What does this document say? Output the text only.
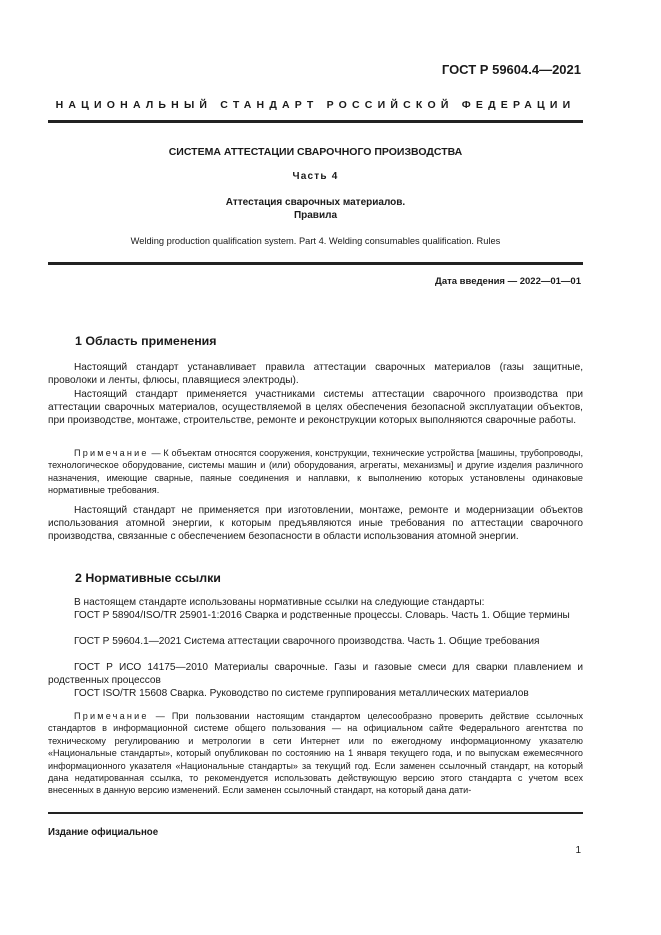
ГОСТ Р 59604.4—2021
НАЦИОНАЛЬНЫЙ СТАНДАРТ РОССИЙСКОЙ ФЕДЕРАЦИИ
СИСТЕМА АТТЕСТАЦИИ СВАРОЧНОГО ПРОИЗВОДСТВА
Часть 4
Аттестация сварочных материалов.
Правила
Welding production qualification system. Part 4. Welding consumables qualification. Rules
Дата введения — 2022—01—01
1 Область применения

Настоящий стандарт устанавливает правила аттестации сварочных материалов (газы защитные, проволоки и ленты, флюсы, плавящиеся электроды).

Настоящий стандарт применяется участниками системы аттестации сварочного производства при аттестации сварочных материалов, осуществляемой в целях обеспечения безопасной эксплуатации объектов, при производстве, монтаже, строительстве, ремонте и реконструкции которых выполняются сварочные работы.

Примечание — К объектам относятся сооружения, конструкции, технические устройства [машины, трубопроводы, технологическое оборудование, системы машин и (или) оборудования, агрегаты, механизмы] и другие изделия различного назначения, имеющие сварные, паяные соединения и наплавки, к выполнению которых установлены одинаковые нормативные требования.

Настоящий стандарт не применяется при изготовлении, монтаже, ремонте и модернизации объектов использования атомной энергии, к которым предъявляются иные требования по аттестации сварочного производства, связанные с обеспечением безопасности в области использования атомной энергии.

2 Нормативные ссылки

В настоящем стандарте использованы нормативные ссылки на следующие стандарты:

ГОСТ Р 58904/ISO/TR 25901-1:2016 Сварка и родственные процессы. Словарь. Часть 1. Общие термины

ГОСТ Р 59604.1—2021 Система аттестации сварочного производства. Часть 1. Общие требования

ГОСТ Р ИСО 14175—2010 Материалы сварочные. Газы и газовые смеси для сварки плавлением и родственных процессов

ГОСТ ISO/TR 15608 Сварка. Руководство по системе группирования металлических материалов

Примечание — При пользовании настоящим стандартом целесообразно проверить действие ссылочных стандартов в информационной системе общего пользования — на официальном сайте Федерального агентства по техническому регулированию и метрологии в сети Интернет или по ежегодному информационному указателю «Национальные стандарты», который опубликован по состоянию на 1 января текущего года, и по выпускам ежемесячного информационного указателя «Национальные стандарты» за текущий год. Если заменен ссылочный стандарт, на который дана недатированная ссылка, то рекомендуется использовать действующую версию этого стандарта с учетом всех внесенных в данную версию изменений. Если заменен ссылочный стандарт, на который дана дати-

Издание официальное
1
